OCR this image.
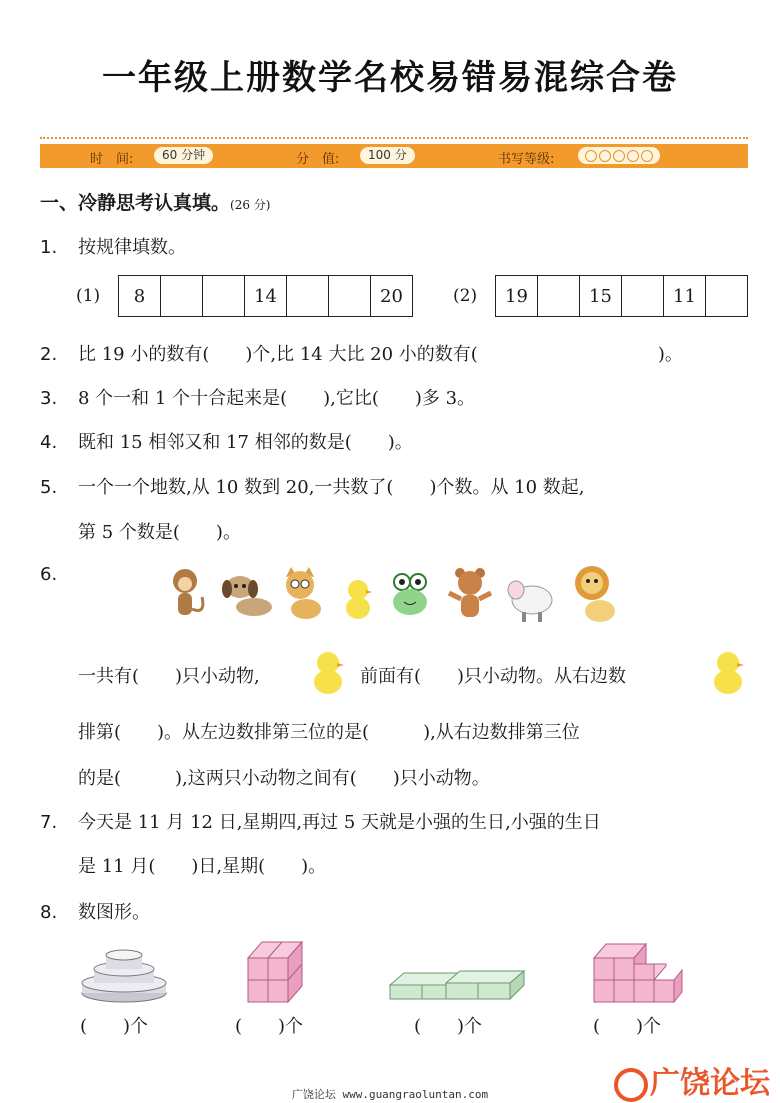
一年级上册数学名校易错易混综合卷
时　间:	60 分钟	分　值:	100 分	书写等级:
一、冷静思考认真填。(26 分)
1. 按规律填数。
(1) 8			14			20	(2) 19		15		11	
2. 比 19 小的数有(　　)个,比 14 大比 20 小的数有(　　　　　　　　　　)。
3. 8 个一和 1 个十合起来是(　　),它比(　　)多 3。
4. 既和 15 相邻又和 17 相邻的数是(　　)。
5. 一个一个地数,从 10 数到 20,一共数了(　　)个数。从 10 数起,
第 5 个数是(　　)。
6.
一共有(　　)只小动物,	前面有(　　)只小动物。从右边数
排第(　　)。从左边数排第三位的是(　　　),从右边数排第三位
的是(　　　),这两只小动物之间有(　　)只小动物。
7. 今天是 11 月 12 日,星期四,再过 5 天就是小强的生日,小强的生日
是 11 月(　　)日,星期(　　)。
8. 数图形。
(　　)个	(　　)个	(　　)个	(　　)个
广饶论坛 www.guangraoluntan.com	广饶论坛
